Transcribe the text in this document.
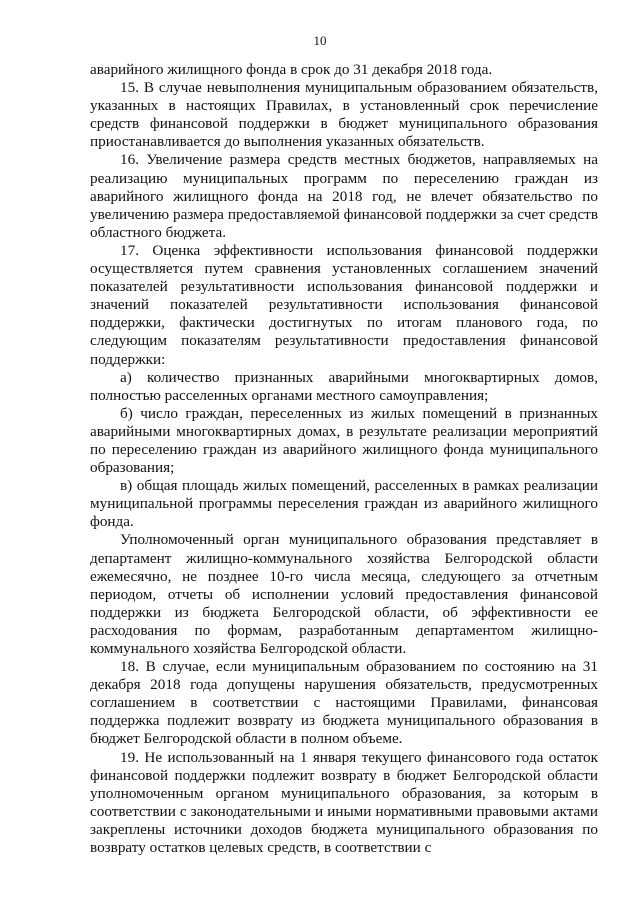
10

аварийного жилищного фонда в срок до 31 декабря 2018 года.

15. В случае невыполнения муниципальным образованием обязательств, указанных в настоящих Правилах, в установленный срок перечисление средств финансовой поддержки в бюджет муниципального образования приостанавливается до выполнения указанных обязательств.

16. Увеличение размера средств местных бюджетов, направляемых на реализацию муниципальных программ по переселению граждан из аварийного жилищного фонда на 2018 год, не влечет обязательство по увеличению размера предоставляемой финансовой поддержки за счет средств областного бюджета.

17. Оценка эффективности использования финансовой поддержки осуществляется путем сравнения установленных соглашением значений показателей результативности использования финансовой поддержки и значений показателей результативности использования финансовой поддержки, фактически достигнутых по итогам планового года, по следующим показателям результативности предоставления финансовой поддержки:

а) количество признанных аварийными многоквартирных домов, полностью расселенных органами местного самоуправления;

б) число граждан, переселенных из жилых помещений в признанных аварийными многоквартирных домах, в результате реализации мероприятий по переселению граждан из аварийного жилищного фонда муниципального образования;

в) общая площадь жилых помещений, расселенных в рамках реализации муниципальной программы переселения граждан из аварийного жилищного фонда.

Уполномоченный орган муниципального образования представляет в департамент жилищно-коммунального хозяйства Белгородской области ежемесячно, не позднее 10-го числа месяца, следующего за отчетным периодом, отчеты об исполнении условий предоставления финансовой поддержки из бюджета Белгородской области, об эффективности ее расходования по формам, разработанным департаментом жилищно-коммунального хозяйства Белгородской области.

18. В случае, если муниципальным образованием по состоянию на 31 декабря 2018 года допущены нарушения обязательств, предусмотренных соглашением в соответствии с настоящими Правилами, финансовая поддержка подлежит возврату из бюджета муниципального образования в бюджет Белгородской области в полном объеме.

19. Не использованный на 1 января текущего финансового года остаток финансовой поддержки подлежит возврату в бюджет Белгородской области уполномоченным органом муниципального образования, за которым в соответствии с законодательными и иными нормативными правовыми актами закреплены источники доходов бюджета муниципального образования по возврату остатков целевых средств, в соответствии с
